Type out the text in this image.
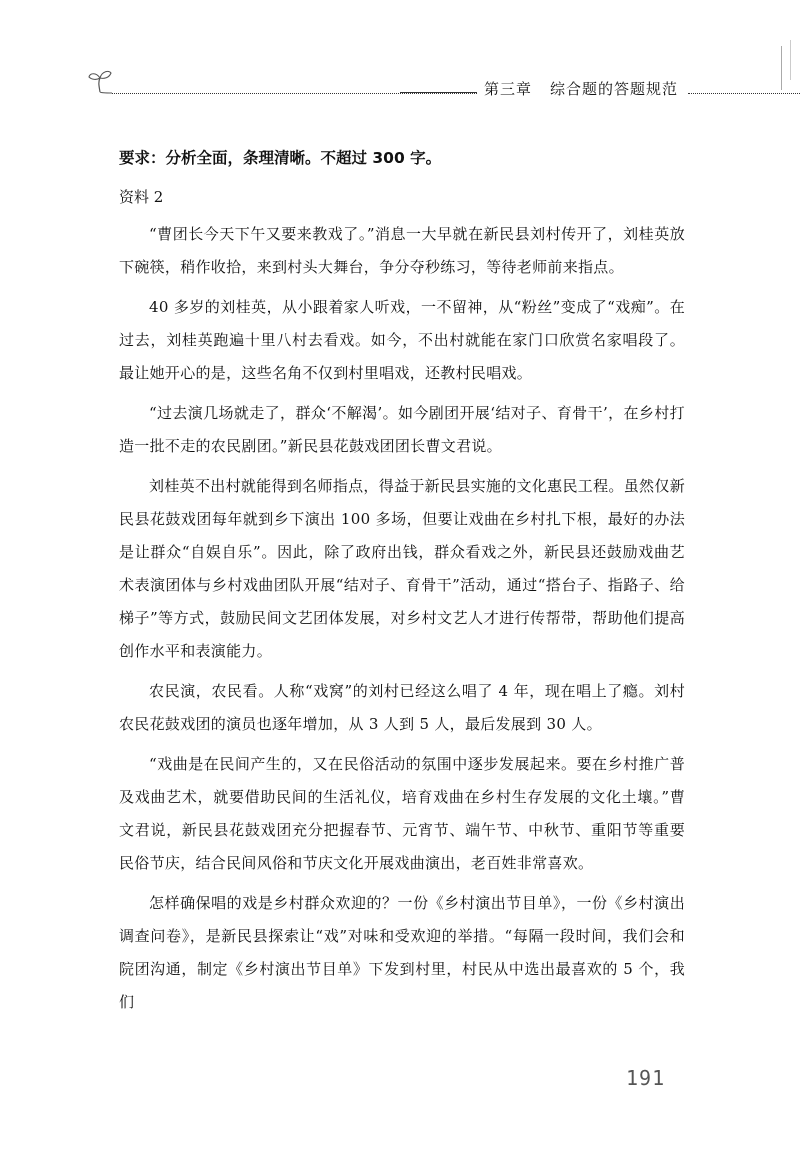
第三章 综合题的答题规范

要求：分析全面，条理清晰。不超过 300 字。

资料 2

“曹团长今天下午又要来教戏了。”消息一大早就在新民县刘村传开了，刘桂英放下碗筷，稍作收拾，来到村头大舞台，争分夺秒练习，等待老师前来指点。

40 多岁的刘桂英，从小跟着家人听戏，一不留神，从“粉丝”变成了“戏痴”。在过去，刘桂英跑遍十里八村去看戏。如今，不出村就能在家门口欣赏名家唱段了。最让她开心的是，这些名角不仅到村里唱戏，还教村民唱戏。

“过去演几场就走了，群众‘不解渴’。如今剧团开展‘结对子、育骨干’，在乡村打造一批不走的农民剧团。”新民县花鼓戏团团长曹文君说。

刘桂英不出村就能得到名师指点，得益于新民县实施的文化惠民工程。虽然仅新民县花鼓戏团每年就到乡下演出 100 多场，但要让戏曲在乡村扎下根，最好的办法是让群众“自娱自乐”。因此，除了政府出钱，群众看戏之外，新民县还鼓励戏曲艺术表演团体与乡村戏曲团队开展“结对子、育骨干”活动，通过“搭台子、指路子、给梯子”等方式，鼓励民间文艺团体发展，对乡村文艺人才进行传帮带，帮助他们提高创作水平和表演能力。

农民演，农民看。人称“戏窝”的刘村已经这么唱了 4 年，现在唱上了瘾。刘村农民花鼓戏团的演员也逐年增加，从 3 人到 5 人，最后发展到 30 人。

“戏曲是在民间产生的，又在民俗活动的氛围中逐步发展起来。要在乡村推广普及戏曲艺术，就要借助民间的生活礼仪，培育戏曲在乡村生存发展的文化土壤。”曹文君说，新民县花鼓戏团充分把握春节、元宵节、端午节、中秋节、重阳节等重要民俗节庆，结合民间风俗和节庆文化开展戏曲演出，老百姓非常喜欢。

怎样确保唱的戏是乡村群众欢迎的？一份《乡村演出节目单》，一份《乡村演出调查问卷》，是新民县探索让“戏”对味和受欢迎的举措。“每隔一段时间，我们会和院团沟通，制定《乡村演出节目单》下发到村里，村民从中选出最喜欢的 5 个，我们

191
